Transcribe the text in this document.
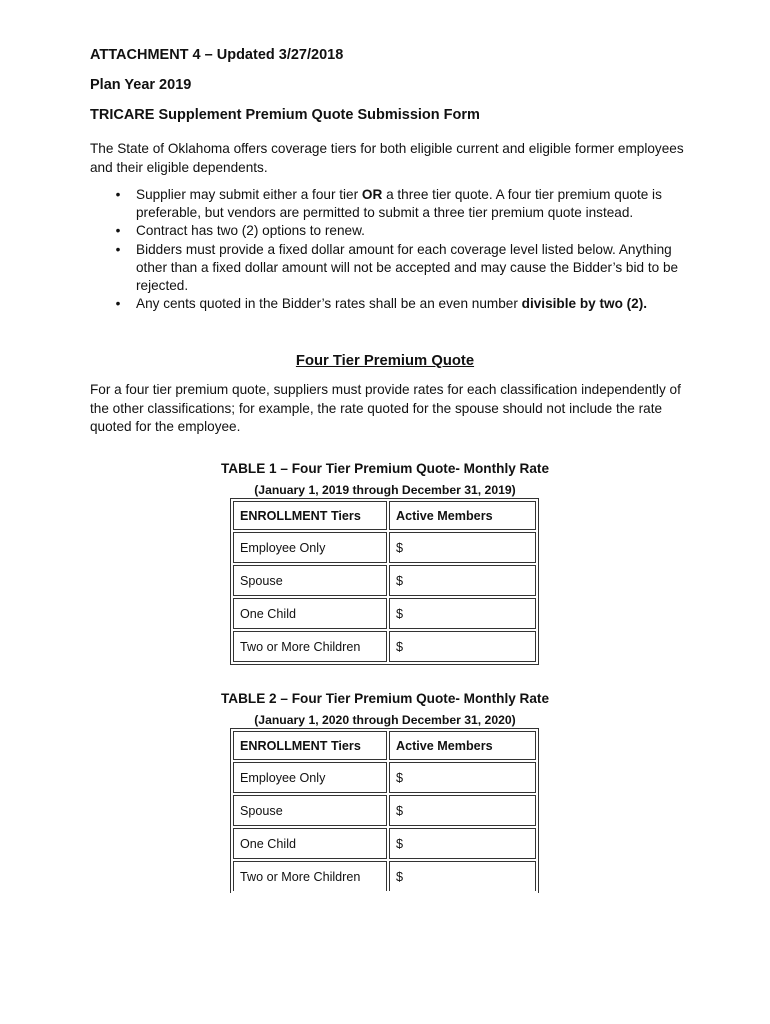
ATTACHMENT 4 – Updated 3/27/2018
Plan Year 2019
TRICARE Supplement Premium Quote Submission Form
The State of Oklahoma offers coverage tiers for both eligible current and eligible former employees and their eligible dependents.
• Supplier may submit either a four tier OR a three tier quote. A four tier premium quote is preferable, but vendors are permitted to submit a three tier premium quote instead.
• Contract has two (2) options to renew.
• Bidders must provide a fixed dollar amount for each coverage level listed below. Anything other than a fixed dollar amount will not be accepted and may cause the Bidder’s bid to be rejected.
• Any cents quoted in the Bidder’s rates shall be an even number divisible by two (2).
Four Tier Premium Quote
For a four tier premium quote, suppliers must provide rates for each classification independently of the other classifications; for example, the rate quoted for the spouse should not include the rate quoted for the employee.
TABLE 1 – Four Tier Premium Quote- Monthly Rate
(January 1, 2019 through December 31, 2019)
ENROLLMENT Tiers	Active Members
Employee Only	$
Spouse	$
One Child	$
Two or More Children	$
TABLE 2 – Four Tier Premium Quote- Monthly Rate
(January 1, 2020 through December 31, 2020)
ENROLLMENT Tiers	Active Members
Employee Only	$
Spouse	$
One Child	$
Two or More Children	$
